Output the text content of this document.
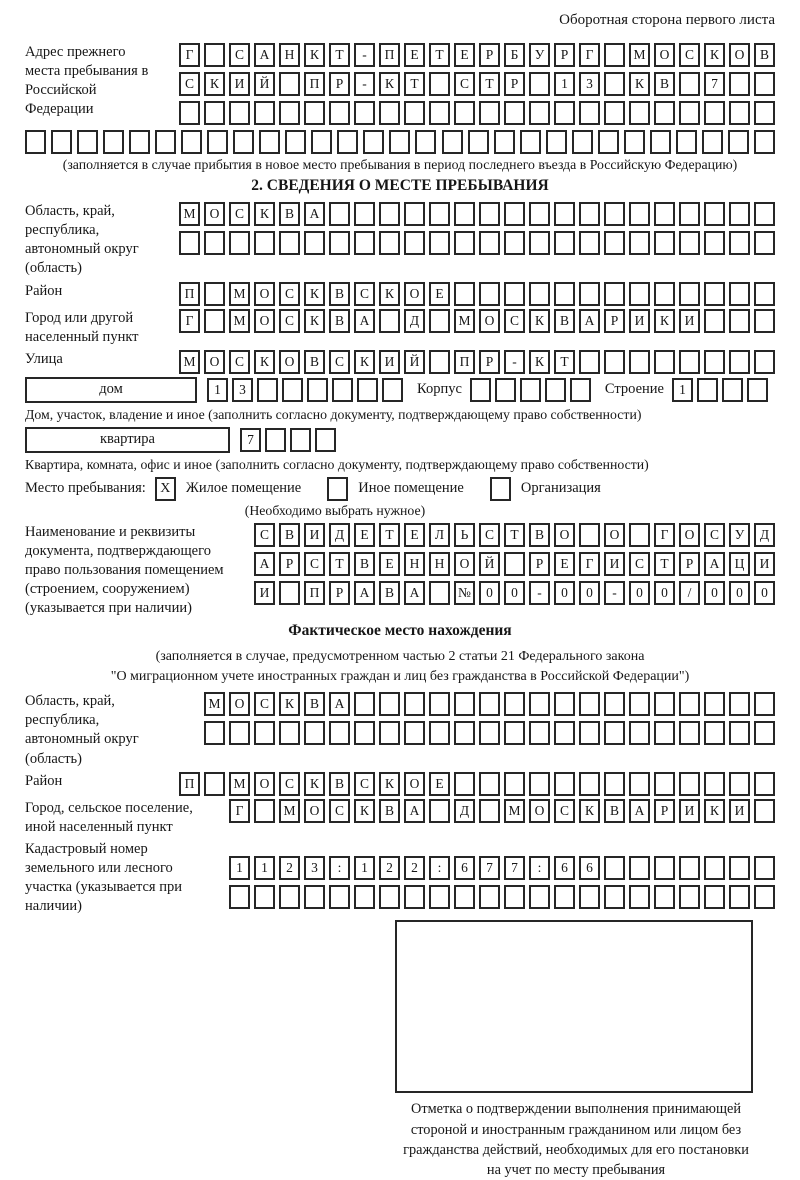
Оборотная сторона первого листа
Адрес прежнего места пребывания в Российской Федерации
Г	С	А	Н	К	Т	-	П	Е	Т	Е	Р	Б	У	Р	Г	М	О	С	К	О	В
С	К	И	Й	П	Р	-	К	Т	С	Т	Р	1	3	К	В	7
(заполняется в случае прибытия в новое место пребывания в период последнего въезда в Российскую Федерацию)
2. СВЕДЕНИЯ О МЕСТЕ ПРЕБЫВАНИЯ
Область, край, республика, автономный округ (область)
М	О	С	К	В	А
Район	П	М	О	С	К	В	С	К	О	Е
Город или другой населенный пункт
Г	М	О	С	К	В	А	Д	М	О	С	К	В	А	Р	И	К	И
Улица	М	О	С	К	О	В	С	К	И	Й	П	Р	-	К	Т
дом	1	3	Корпус	Строение	1
Дом, участок, владение и иное (заполнить согласно документу, подтверждающему право собственности)
квартира	7
Квартира, комната, офис и иное (заполнить согласно документу, подтверждающему право собственности)
Место пребывания:	X	Жилое помещение	Иное помещение	Организация
(Необходимо выбрать нужное)
Наименование и реквизиты документа, подтверждающего право пользования помещением (строением, сооружением) (указывается при наличии)
С	В	И	Д	Е	Т	Е	Л	Ь	С	Т	В	О	О	Г	О	С	У	Д
А	Р	С	Т	В	Е	Н	Н	О	Й	Р	Е	Г	И	С	Т	Р	А	Ц	И
И	П	Р	А	В	А	№	0	0	-	0	0	-	0	0	/	0	0	0
Фактическое место нахождения
(заполняется в случае, предусмотренном частью 2 статьи 21 Федерального закона
"О миграционном учете иностранных граждан и лиц без гражданства в Российской Федерации")
Область, край, республика, автономный округ (область)
М	О	С	К	В	А
Район	П	М	О	С	К	В	С	К	О	Е
Город, сельское поселение, иной населенный пункт
Г	М	О	С	К	В	А	Д	М	О	С	К	В	А	Р	И	К	И
Кадастровый номер земельного или лесного участка (указывается при наличии)
1	1	2	3	:	1	2	2	:	6	7	7	:	6	6
Отметка о подтверждении выполнения принимающей
стороной и иностранным гражданином или лицом без
гражданства действий, необходимых для его постановки
на учет по месту пребывания
